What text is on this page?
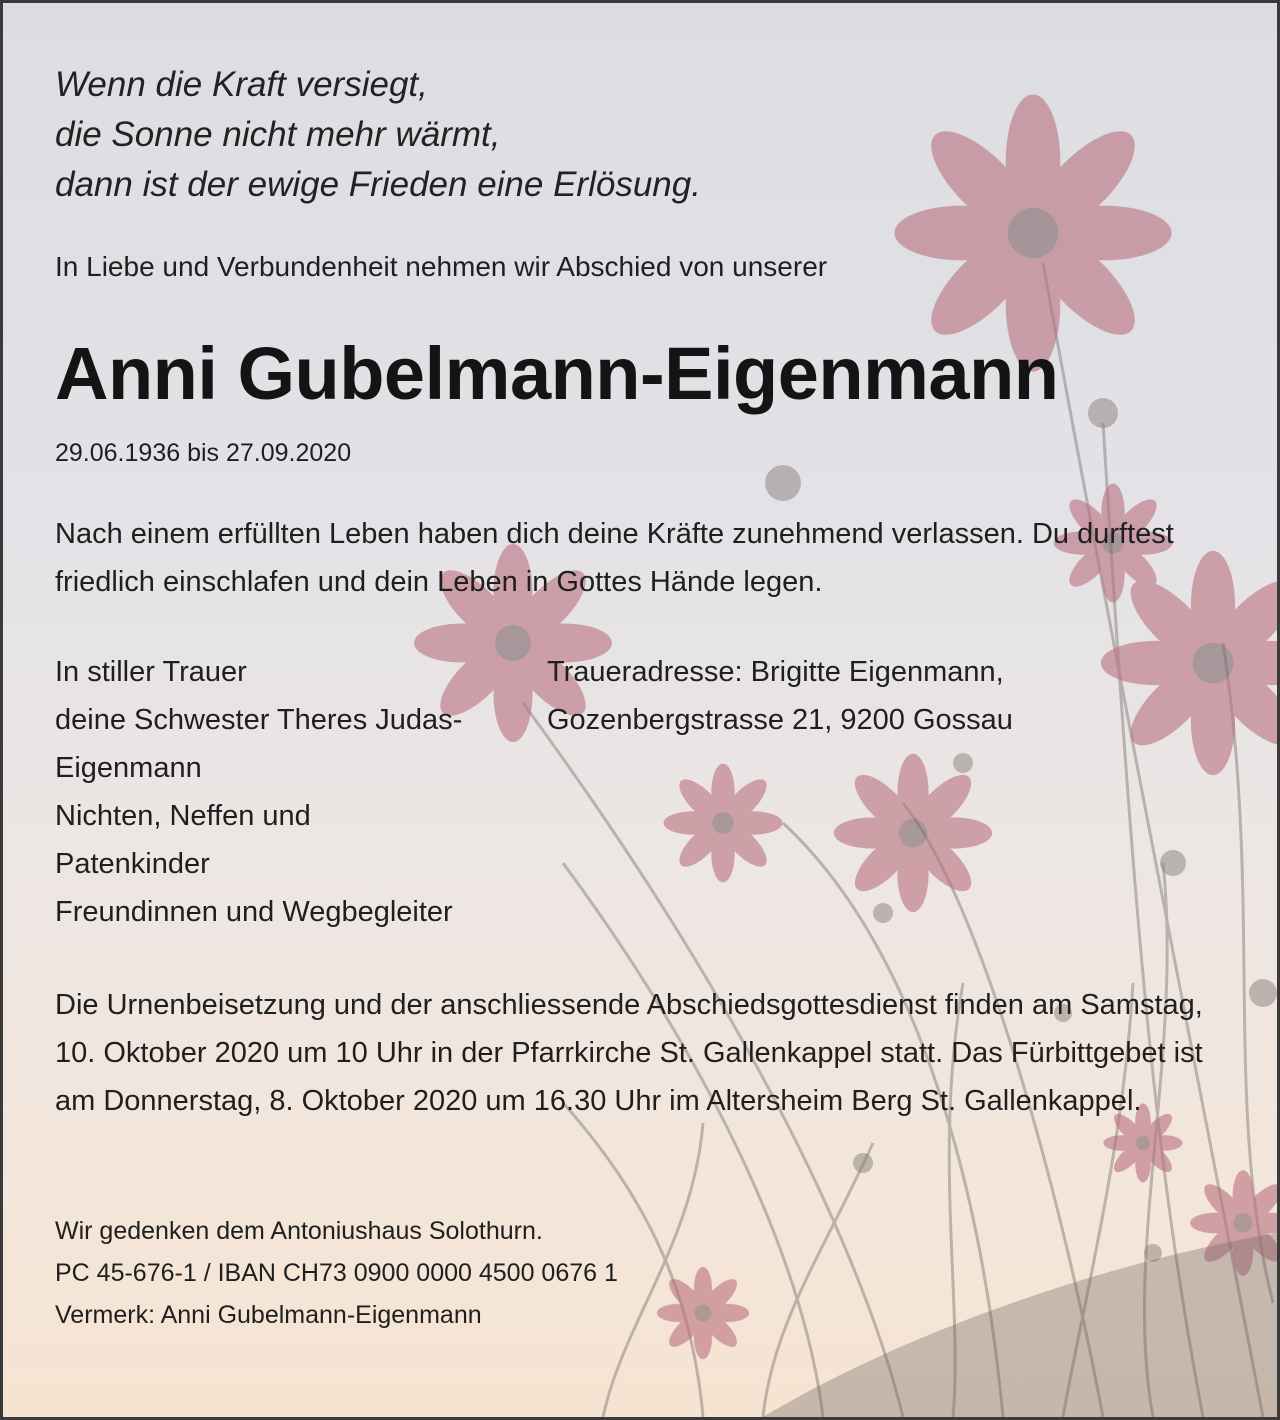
Wenn die Kraft versiegt,
die Sonne nicht mehr wärmt,
dann ist der ewige Frieden eine Erlösung.

In Liebe und Verbundenheit nehmen wir Abschied von unserer

Anni Gubelmann-Eigenmann

29.06.1936 bis 27.09.2020

Nach einem erfüllten Leben haben dich deine Kräfte zunehmend verlassen. Du durftest friedlich einschlafen und dein Leben in Gottes Hände legen.

In stiller Trauer
deine Schwester Theres Judas-
Eigenmann
Nichten, Neffen und
Patenkinder
Freundinnen und Wegbegleiter
Traueradresse: Brigitte Eigenmann,
Gozenbergstrasse 21, 9200 Gossau

Die Urnenbeisetzung und der anschliessende Abschiedsgottesdienst finden am Samstag, 10. Oktober 2020 um 10 Uhr in der Pfarrkirche St. Gallenkappel statt. Das Fürbittgebet ist am Donnerstag, 8. Oktober 2020 um 16.30 Uhr im Altersheim Berg St. Gallenkappel.

Wir gedenken dem Antoniushaus Solothurn.
PC 45-676-1 / IBAN CH73 0900 0000 4500 0676 1
Vermerk: Anni Gubelmann-Eigenmann
